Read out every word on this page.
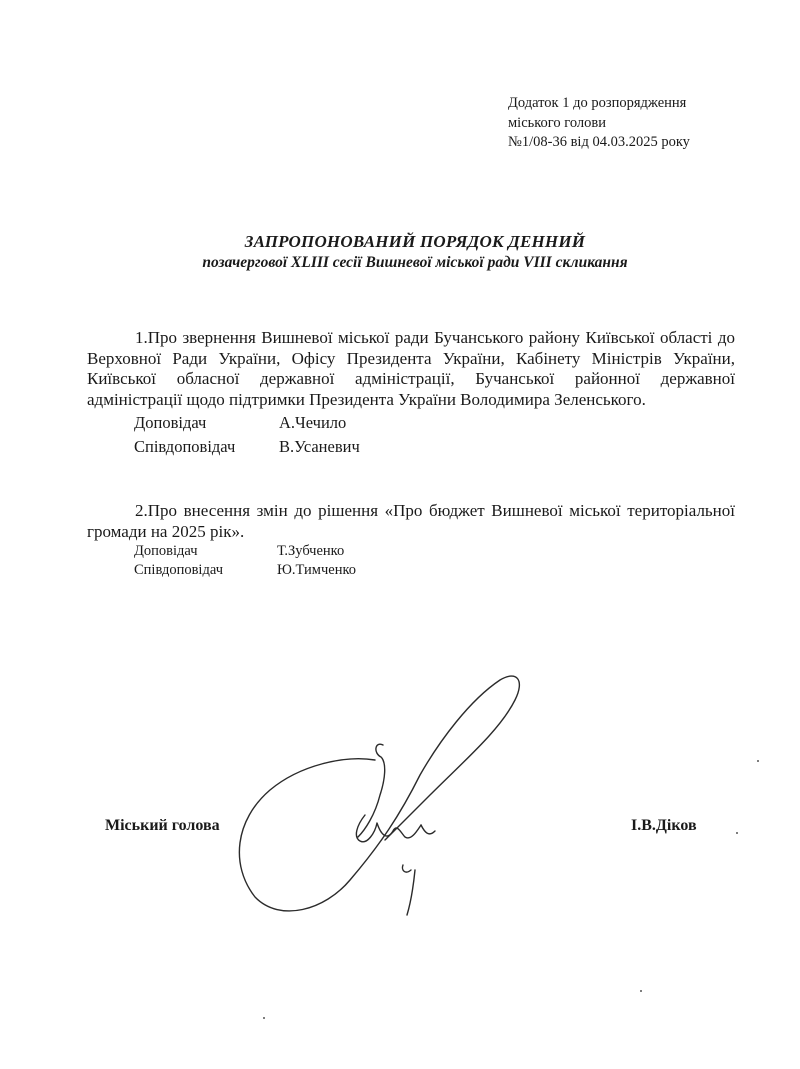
Додаток 1 до розпорядження
міського голови
№1/08-36 від 04.03.2025 року
ЗАПРОПОНОВАНИЙ ПОРЯДОК ДЕННИЙ
позачергової XLIII сесії Вишневої міської ради VIII скликання
1.Про звернення Вишневої міської ради Бучанського району Київської області до Верховної Ради України, Офісу Президента України, Кабінету Міністрів України, Київської обласної державної адміністрації, Бучанської районної державної адміністрації щодо підтримки Президента України Володимира Зеленського.
Доповідач	А.Чечило
Співдоповідач	В.Усаневич
2.Про внесення змін до рішення «Про бюджет Вишневої міської територіальної громади на 2025 рік».
Доповідач	Т.Зубченко
Співдоповідач	Ю.Тимченко
Міський голова	І.В.Діков
